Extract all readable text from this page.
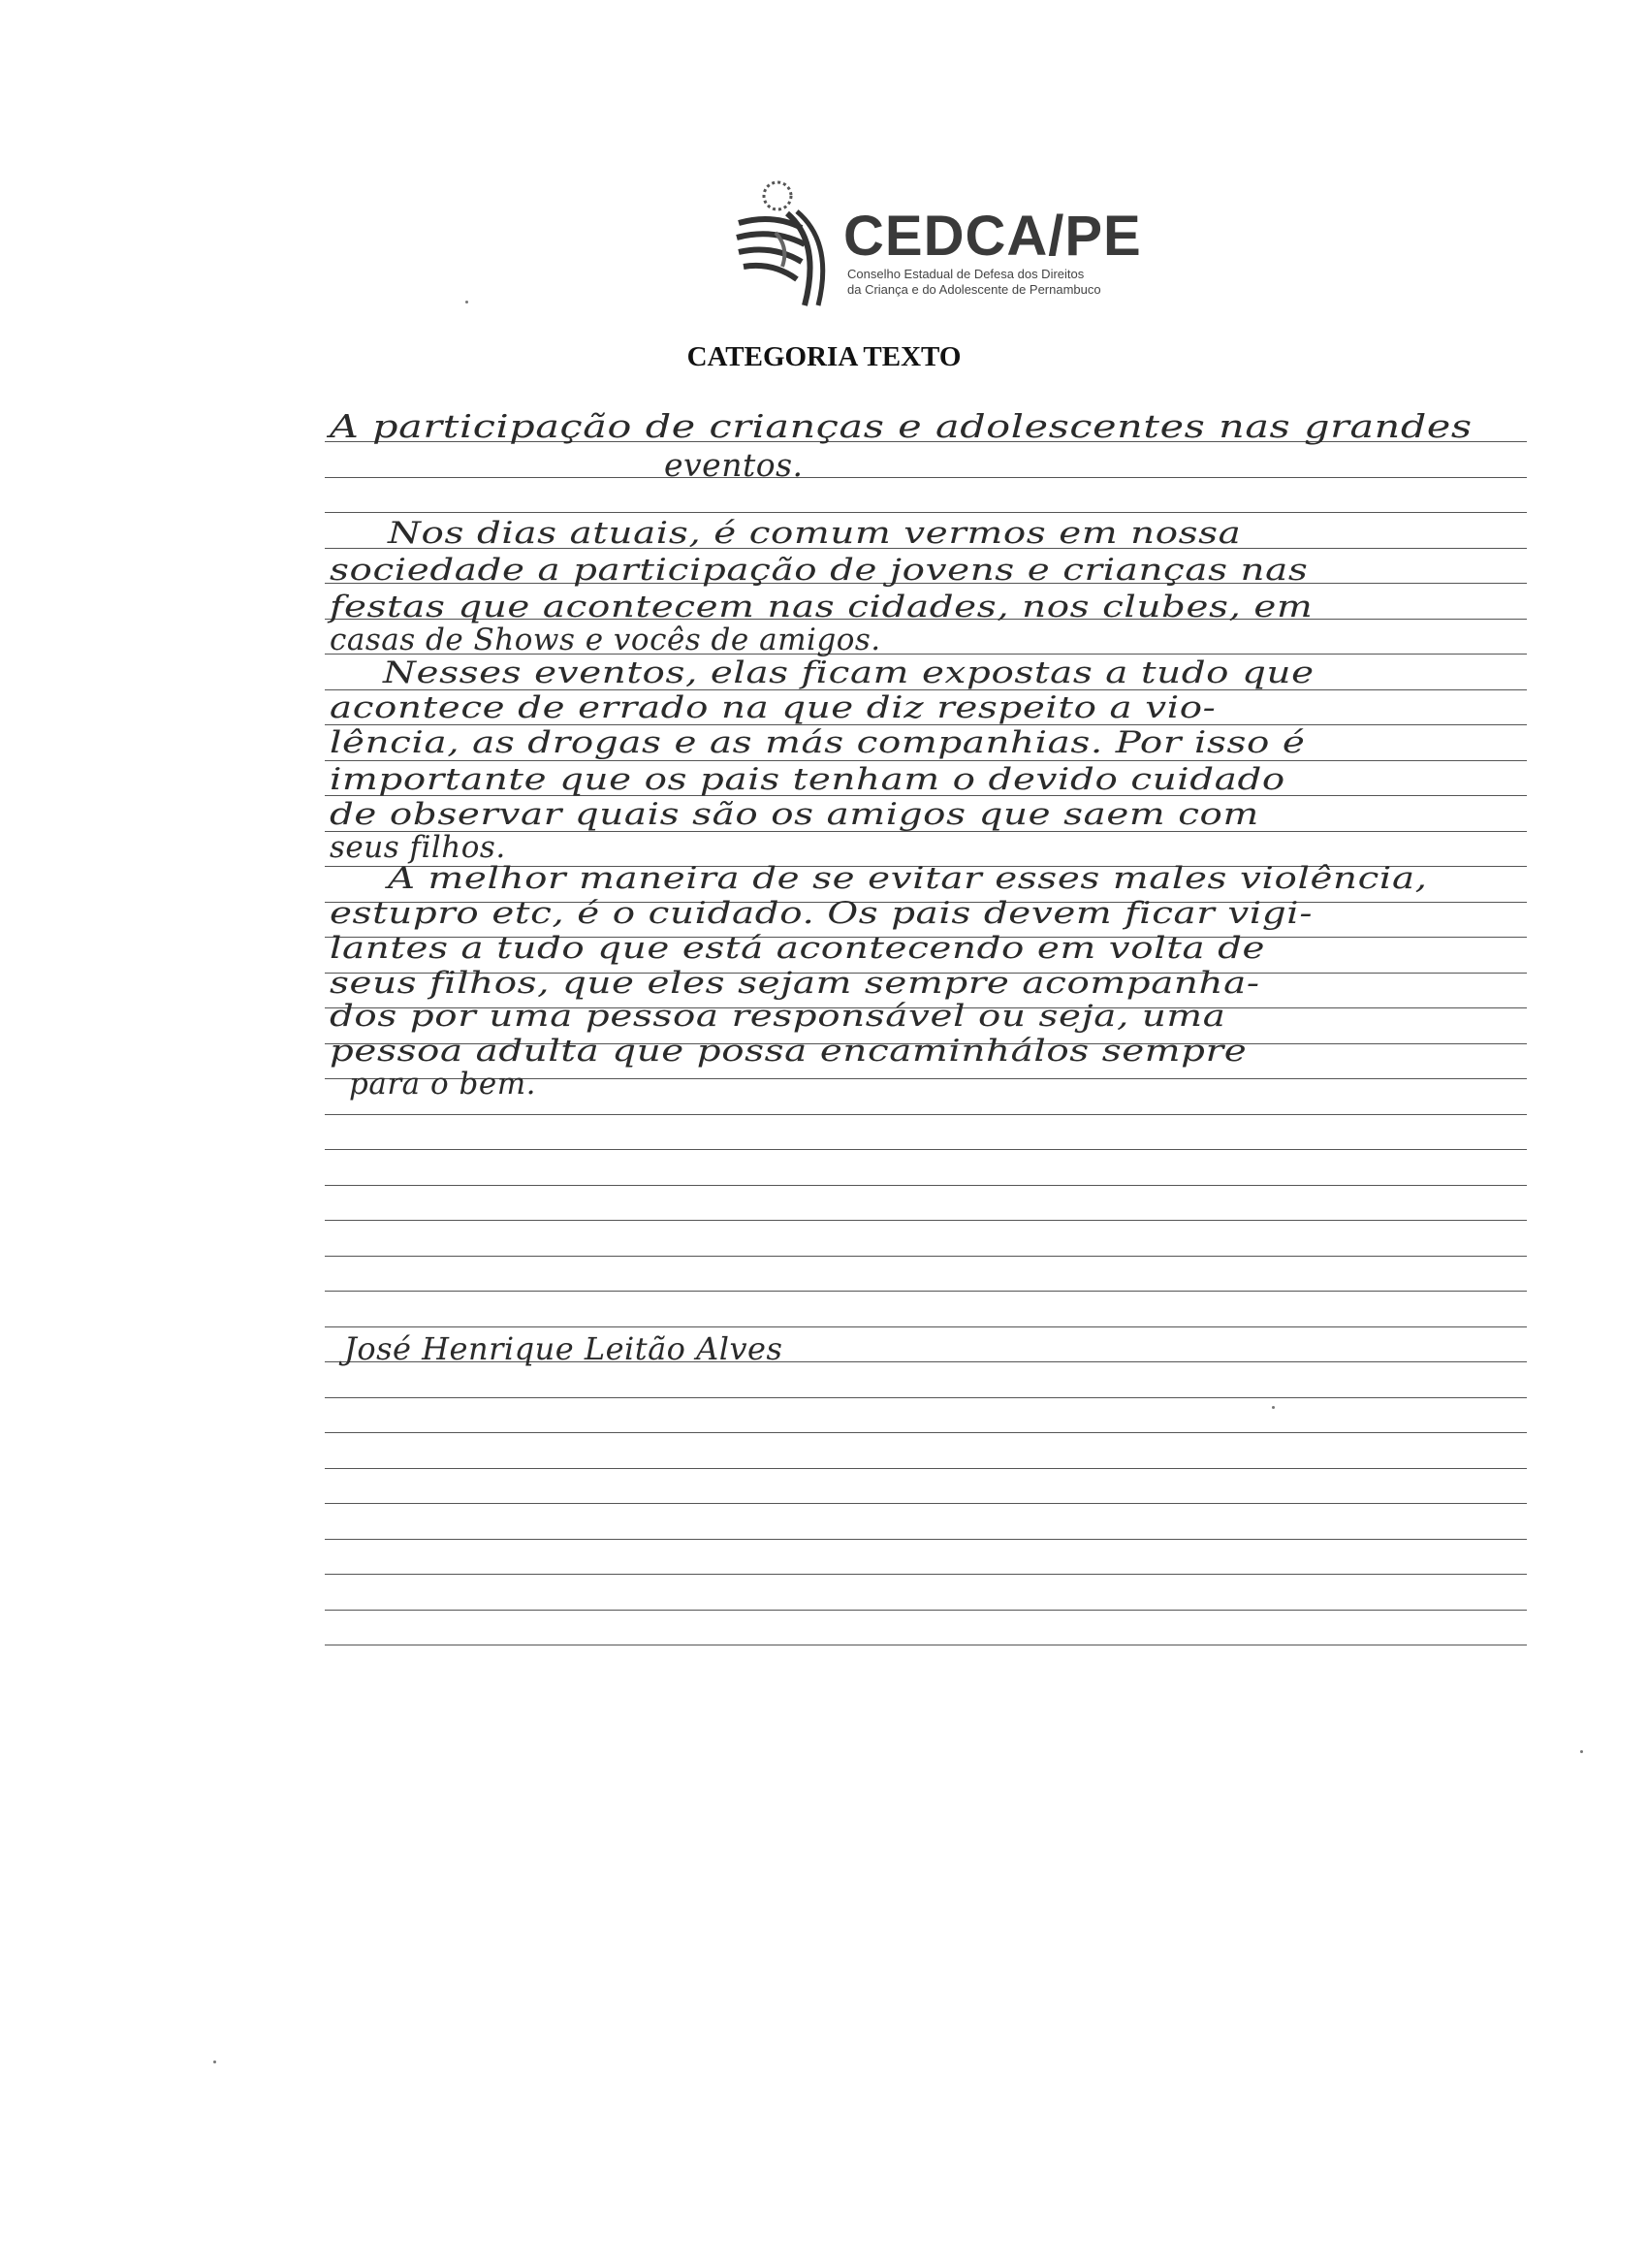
CEDCA/PE
Conselho Estadual de Defesa dos Direitos
da Criança e do Adolescente de Pernambuco
CATEGORIA TEXTO
A participação de crianças e adolescentes nas grandes
eventos.
Nos dias atuais, é comum vermos em nossa
sociedade a participação de jovens e crianças nas
festas que acontecem nas cidades, nos clubes, em
casas de Shows e vocês de amigos.
Nesses eventos, elas ficam expostas a tudo que
acontece de errado na que diz respeito a vio-
lência, as drogas e as más companhias. Por isso é
importante que os pais tenham o devido cuidado
de observar quais são os amigos que saem com
seus filhos.
A melhor maneira de se evitar esses males violência,
estupro etc, é o cuidado. Os pais devem ficar vigi-
lantes a tudo que está acontecendo em volta de
seus filhos, que eles sejam sempre acompanha-
dos por uma pessoa responsável ou seja, uma
pessoa adulta que possa encaminhálos sempre
para o bem.
José Henrique Leitão Alves
